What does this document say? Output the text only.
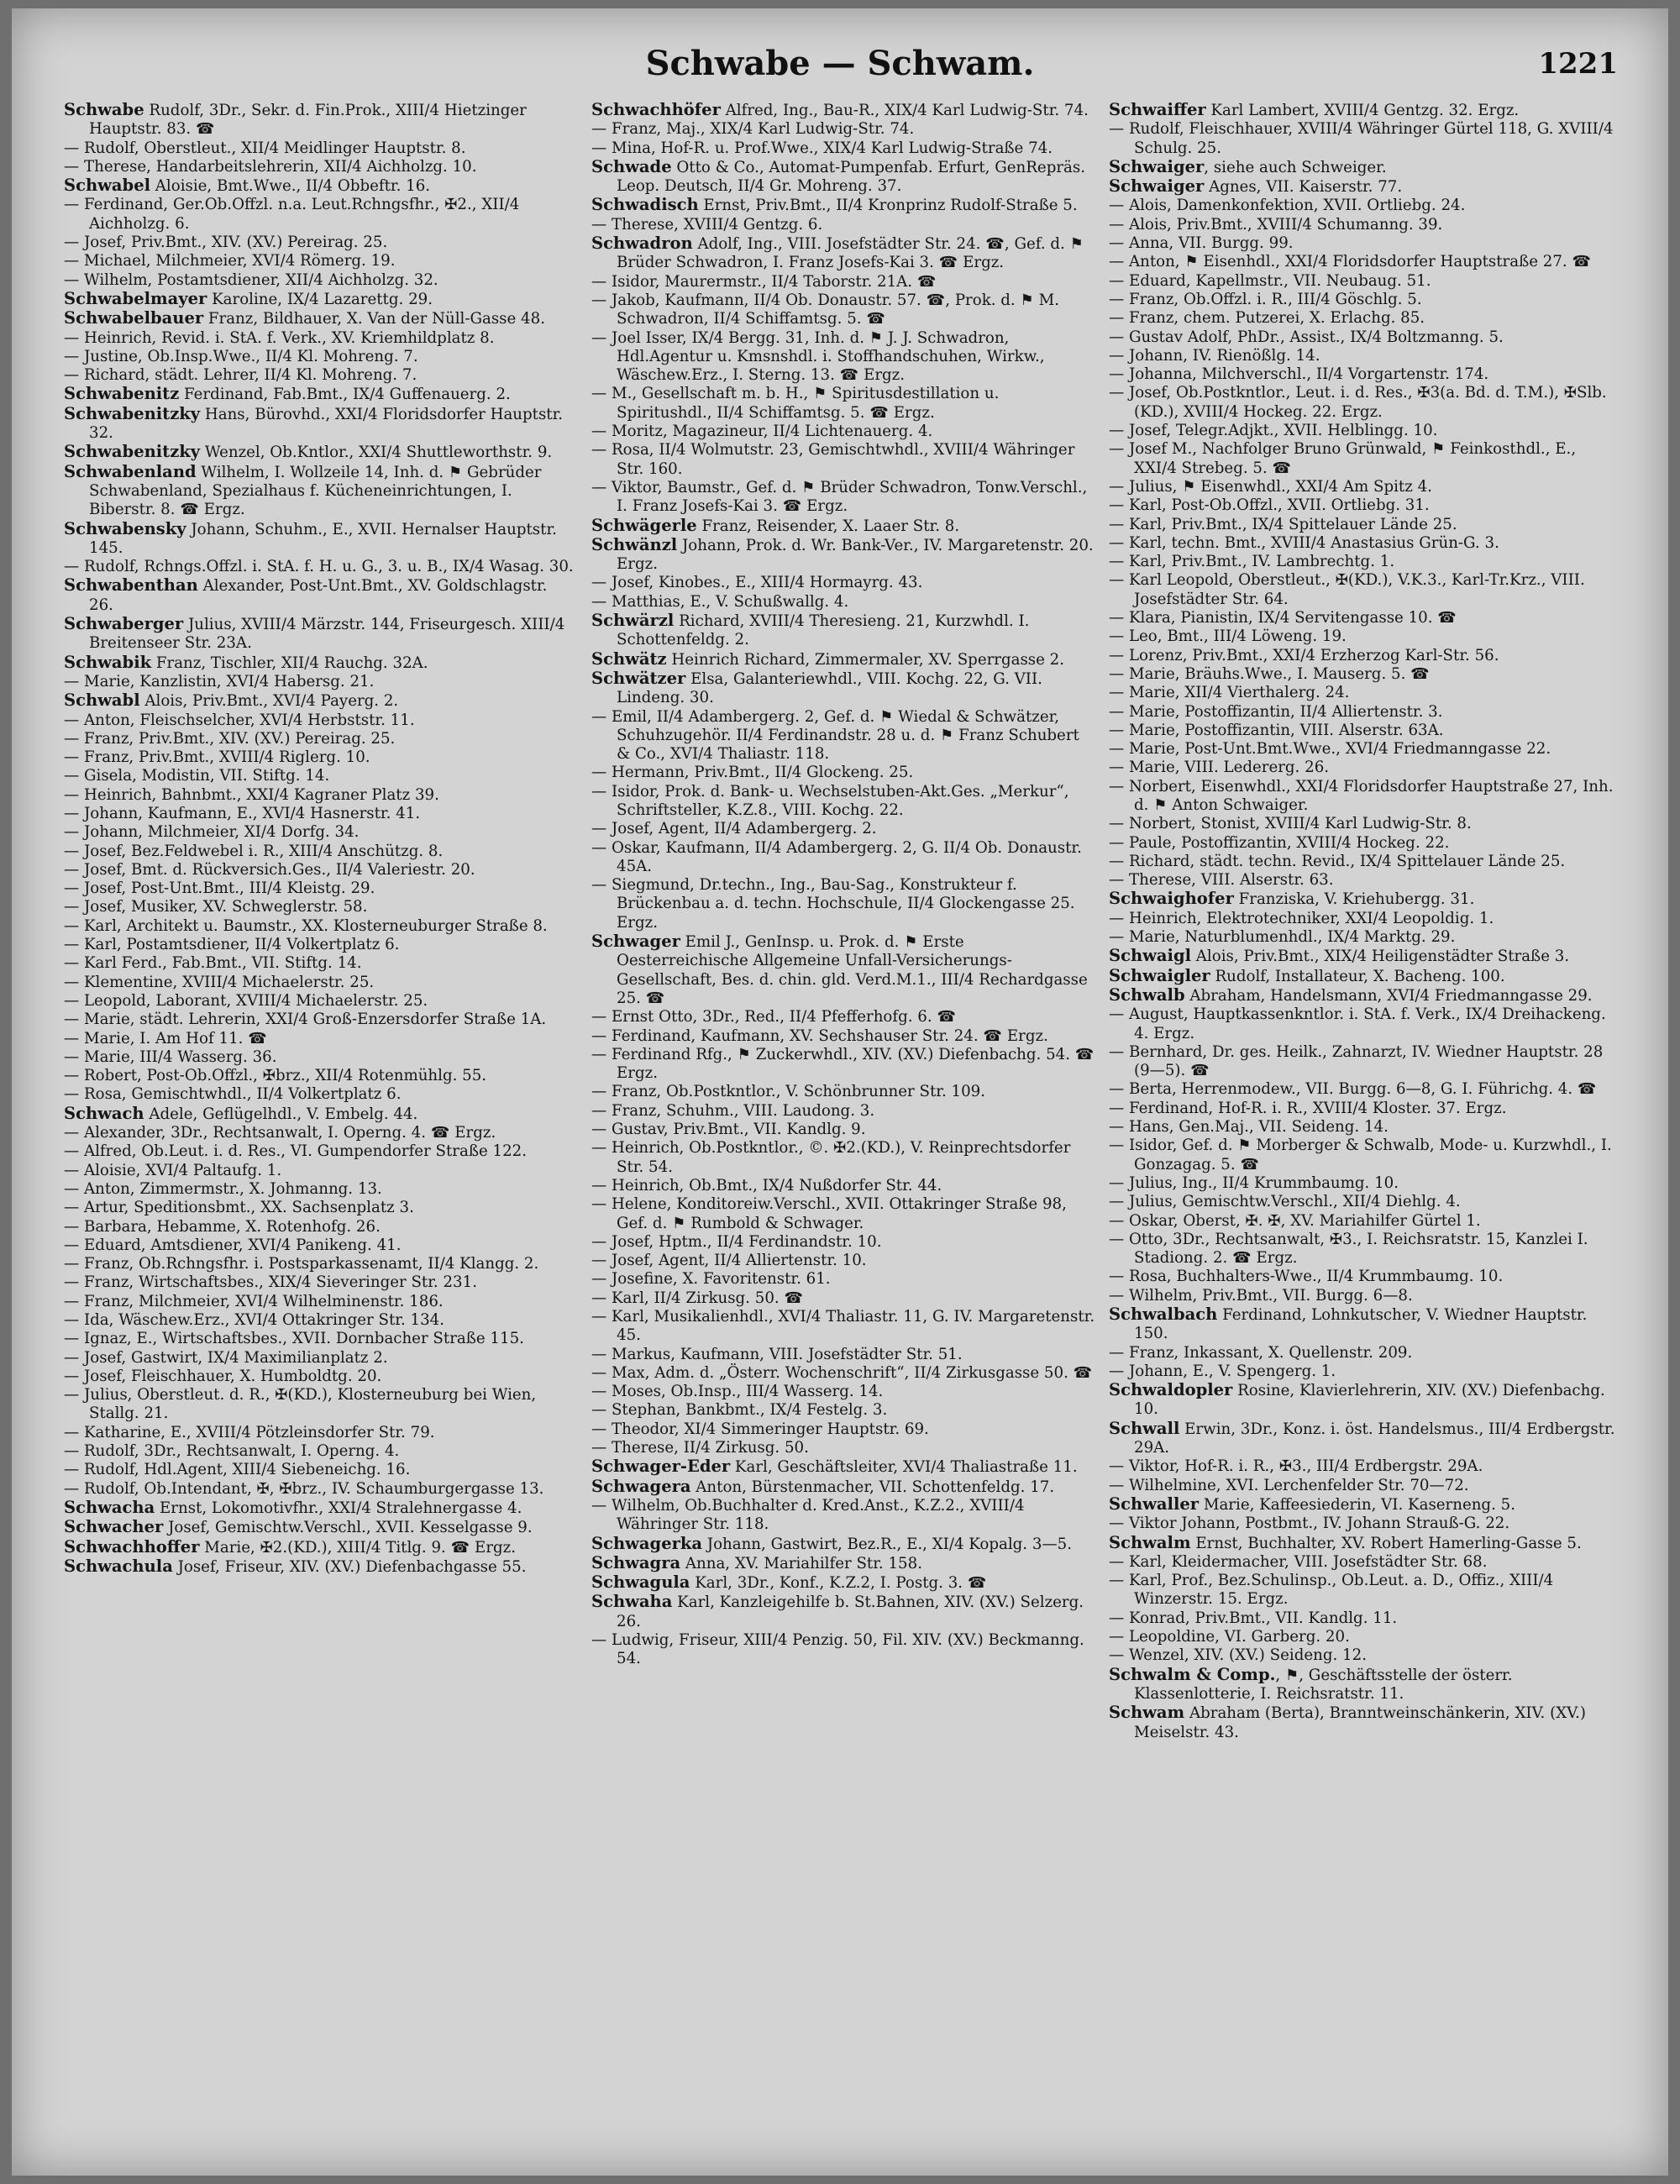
Schwabe — Schwam.	1221

Schwabe Rudolf, 3Dr., Sekr. d. Fin.Prok., XIII/4 Hietzinger Hauptstr. 83. ☎

— Rudolf, Oberstleut., XII/4 Meidlinger Hauptstr. 8.

— Therese, Handarbeitslehrerin, XII/4 Aichholzg. 10.

Schwabel Aloisie, Bmt.Wwe., II/4 Obbeftr. 16.

— Ferdinand, Ger.Ob.Offzl. n.a. Leut.Rchngsfhr., ✠2., XII/4 Aichholzg. 6.

— Josef, Priv.Bmt., XIV. (XV.) Pereirag. 25.

— Michael, Milchmeier, XVI/4 Römerg. 19.

— Wilhelm, Postamtsdiener, XII/4 Aichholzg. 32.

Schwabelmayer Karoline, IX/4 Lazarettg. 29.

Schwabelbauer Franz, Bildhauer, X. Van der Nüll-Gasse 48.

— Heinrich, Revid. i. StA. f. Verk., XV. Kriemhildplatz 8.

— Justine, Ob.Insp.Wwe., II/4 Kl. Mohreng. 7.

— Richard, städt. Lehrer, II/4 Kl. Mohreng. 7.

Schwabenitz Ferdinand, Fab.Bmt., IX/4 Guffenauerg. 2.

Schwabenitzky Hans, Bürovhd., XXI/4 Floridsdorfer Hauptstr. 32.

Schwabenitzky Wenzel, Ob.Kntlor., XXI/4 Shuttleworthstr. 9.

Schwabenland Wilhelm, I. Wollzeile 14, Inh. d. ⚑ Gebrüder Schwabenland, Spezialhaus f. Kücheneinrichtungen, I. Biberstr. 8. ☎ Ergz.

Schwabensky Johann, Schuhm., E., XVII. Hernalser Hauptstr. 145.

— Rudolf, Rchngs.Offzl. i. StA. f. H. u. G., 3. u. B., IX/4 Wasag. 30.

Schwabenthan Alexander, Post-Unt.Bmt., XV. Goldschlagstr. 26.

Schwaberger Julius, XVIII/4 Märzstr. 144, Friseurgesch. XIII/4 Breitenseer Str. 23A.

Schwabik Franz, Tischler, XII/4 Rauchg. 32A.

— Marie, Kanzlistin, XVI/4 Habersg. 21.

Schwabl Alois, Priv.Bmt., XVI/4 Payerg. 2.

— Anton, Fleischselcher, XVI/4 Herbststr. 11.

— Franz, Priv.Bmt., XIV. (XV.) Pereirag. 25.

— Franz, Priv.Bmt., XVIII/4 Riglerg. 10.

— Gisela, Modistin, VII. Stiftg. 14.

— Heinrich, Bahnbmt., XXI/4 Kagraner Platz 39.

— Johann, Kaufmann, E., XVI/4 Hasnerstr. 41.

— Johann, Milchmeier, XI/4 Dorfg. 34.

— Josef, Bez.Feldwebel i. R., XIII/4 Anschützg. 8.

— Josef, Bmt. d. Rückversich.Ges., II/4 Valeriestr. 20.

— Josef, Post-Unt.Bmt., III/4 Kleistg. 29.

— Josef, Musiker, XV. Schweglerstr. 58.

— Karl, Architekt u. Baumstr., XX. Klosterneuburger Straße 8.

— Karl, Postamtsdiener, II/4 Volkertplatz 6.

— Karl Ferd., Fab.Bmt., VII. Stiftg. 14.

— Klementine, XVIII/4 Michaelerstr. 25.

— Leopold, Laborant, XVIII/4 Michaelerstr. 25.

— Marie, städt. Lehrerin, XXI/4 Groß-Enzersdorfer Straße 1A.

— Marie, I. Am Hof 11. ☎

— Marie, III/4 Wasserg. 36.

— Robert, Post-Ob.Offzl., ✠brz., XII/4 Rotenmühlg. 55.

— Rosa, Gemischtwhdl., II/4 Volkertplatz 6.

Schwach Adele, Geflügelhdl., V. Embelg. 44.

— Alexander, 3Dr., Rechtsanwalt, I. Operng. 4. ☎ Ergz.

— Alfred, Ob.Leut. i. d. Res., VI. Gumpendorfer Straße 122.

— Aloisie, XVI/4 Paltaufg. 1.

— Anton, Zimmermstr., X. Johmanng. 13.

— Artur, Speditionsbmt., XX. Sachsenplatz 3.

— Barbara, Hebamme, X. Rotenhofg. 26.

— Eduard, Amtsdiener, XVI/4 Panikeng. 41.

— Franz, Ob.Rchngsfhr. i. Postsparkassenamt, II/4 Klangg. 2.

— Franz, Wirtschaftsbes., XIX/4 Sieveringer Str. 231.

— Franz, Milchmeier, XVI/4 Wilhelminenstr. 186.

— Ida, Wäschew.Erz., XVI/4 Ottakringer Str. 134.

— Ignaz, E., Wirtschaftsbes., XVII. Dornbacher Straße 115.

— Josef, Gastwirt, IX/4 Maximilianplatz 2.

— Josef, Fleischhauer, X. Humboldtg. 20.

— Julius, Oberstleut. d. R., ✠(KD.), Klosterneuburg bei Wien, Stallg. 21.

— Katharine, E., XVIII/4 Pötzleinsdorfer Str. 79.

— Rudolf, 3Dr., Rechtsanwalt, I. Operng. 4.

— Rudolf, Hdl.Agent, XIII/4 Siebeneichg. 16.

— Rudolf, Ob.Intendant, ✠, ✠brz., IV. Schaumburgergasse 13.

Schwacha Ernst, Lokomotivfhr., XXI/4 Stralehnergasse 4.

Schwacher Josef, Gemischtw.Verschl., XVII. Kesselgasse 9.

Schwachhoffer Marie, ✠2.(KD.), XIII/4 Titlg. 9. ☎ Ergz.

Schwachula Josef, Friseur, XIV. (XV.) Diefenbachgasse 55.

Schwachhöfer Alfred, Ing., Bau-R., XIX/4 Karl Ludwig-Str. 74.

— Franz, Maj., XIX/4 Karl Ludwig-Str. 74.

— Mina, Hof-R. u. Prof.Wwe., XIX/4 Karl Ludwig-Straße 74.

Schwade Otto & Co., Automat-Pumpenfab. Erfurt, GenRepräs. Leop. Deutsch, II/4 Gr. Mohreng. 37.

Schwadisch Ernst, Priv.Bmt., II/4 Kronprinz Rudolf-Straße 5.

— Therese, XVIII/4 Gentzg. 6.

Schwadron Adolf, Ing., VIII. Josefstädter Str. 24. ☎, Gef. d. ⚑ Brüder Schwadron, I. Franz Josefs-Kai 3. ☎ Ergz.

— Isidor, Maurermstr., II/4 Taborstr. 21A. ☎

— Jakob, Kaufmann, II/4 Ob. Donaustr. 57. ☎, Prok. d. ⚑ M. Schwadron, II/4 Schiffamtsg. 5. ☎

— Joel Isser, IX/4 Bergg. 31, Inh. d. ⚑ J. J. Schwadron, Hdl.Agentur u. Kmsnshdl. i. Stoffhandschuhen, Wirkw., Wäschew.Erz., I. Sterng. 13. ☎ Ergz.

— M., Gesellschaft m. b. H., ⚑ Spiritusdestillation u. Spiritushdl., II/4 Schiffamtsg. 5. ☎ Ergz.

— Moritz, Magazineur, II/4 Lichtenauerg. 4.

— Rosa, II/4 Wolmutstr. 23, Gemischtwhdl., XVIII/4 Währinger Str. 160.

— Viktor, Baumstr., Gef. d. ⚑ Brüder Schwadron, Tonw.Verschl., I. Franz Josefs-Kai 3. ☎ Ergz.

Schwägerle Franz, Reisender, X. Laaer Str. 8.

Schwänzl Johann, Prok. d. Wr. Bank-Ver., IV. Margaretenstr. 20. Ergz.

— Josef, Kinobes., E., XIII/4 Hormayrg. 43.

— Matthias, E., V. Schußwallg. 4.

Schwärzl Richard, XVIII/4 Theresieng. 21, Kurzwhdl. I. Schottenfeldg. 2.

Schwätz Heinrich Richard, Zimmermaler, XV. Sperrgasse 2.

Schwätzer Elsa, Galanteriewhdl., VIII. Kochg. 22, G. VII. Lindeng. 30.

— Emil, II/4 Adambergerg. 2, Gef. d. ⚑ Wiedal & Schwätzer, Schuhzugehör. II/4 Ferdinandstr. 28 u. d. ⚑ Franz Schubert & Co., XVI/4 Thaliastr. 118.

— Hermann, Priv.Bmt., II/4 Glockeng. 25.

— Isidor, Prok. d. Bank- u. Wechselstuben-Akt.Ges. „Merkur“, Schriftsteller, K.Z.8., VIII. Kochg. 22.

— Josef, Agent, II/4 Adambergerg. 2.

— Oskar, Kaufmann, II/4 Adambergerg. 2, G. II/4 Ob. Donaustr. 45A.

— Siegmund, Dr.techn., Ing., Bau-Sag., Konstrukteur f. Brückenbau a. d. techn. Hochschule, II/4 Glockengasse 25. Ergz.

Schwager Emil J., GenInsp. u. Prok. d. ⚑ Erste Oesterreichische Allgemeine Unfall-Versicherungs-Gesellschaft, Bes. d. chin. gld. Verd.M.1., III/4 Rechardgasse 25. ☎

— Ernst Otto, 3Dr., Red., II/4 Pfefferhofg. 6. ☎

— Ferdinand, Kaufmann, XV. Sechshauser Str. 24. ☎ Ergz.

— Ferdinand Rfg., ⚑ Zuckerwhdl., XIV. (XV.) Diefenbachg. 54. ☎ Ergz.

— Franz, Ob.Postkntlor., V. Schönbrunner Str. 109.

— Franz, Schuhm., VIII. Laudong. 3.

— Gustav, Priv.Bmt., VII. Kandlg. 9.

— Heinrich, Ob.Postkntlor., ©. ✠2.(KD.), V. Reinprechtsdorfer Str. 54.

— Heinrich, Ob.Bmt., IX/4 Nußdorfer Str. 44.

— Helene, Konditoreiw.Verschl., XVII. Ottakringer Straße 98, Gef. d. ⚑ Rumbold & Schwager.

— Josef, Hptm., II/4 Ferdinandstr. 10.

— Josef, Agent, II/4 Alliertenstr. 10.

— Josefine, X. Favoritenstr. 61.

— Karl, II/4 Zirkusg. 50. ☎

— Karl, Musikalienhdl., XVI/4 Thaliastr. 11, G. IV. Margaretenstr. 45.

— Markus, Kaufmann, VIII. Josefstädter Str. 51.

— Max, Adm. d. „Österr. Wochenschrift“, II/4 Zirkusgasse 50. ☎

— Moses, Ob.Insp., III/4 Wasserg. 14.

— Stephan, Bankbmt., IX/4 Festelg. 3.

— Theodor, XI/4 Simmeringer Hauptstr. 69.

— Therese, II/4 Zirkusg. 50.

Schwager-Eder Karl, Geschäftsleiter, XVI/4 Thaliastraße 11.

Schwagera Anton, Bürstenmacher, VII. Schottenfeldg. 17.

— Wilhelm, Ob.Buchhalter d. Kred.Anst., K.Z.2., XVIII/4 Währinger Str. 118.

Schwagerka Johann, Gastwirt, Bez.R., E., XI/4 Kopalg. 3—5.

Schwagra Anna, XV. Mariahilfer Str. 158.

Schwagula Karl, 3Dr., Konf., K.Z.2, I. Postg. 3. ☎

Schwaha Karl, Kanzleigehilfe b. St.Bahnen, XIV. (XV.) Selzerg. 26.

— Ludwig, Friseur, XIII/4 Penzig. 50, Fil. XIV. (XV.) Beckmanng. 54.

Schwaiffer Karl Lambert, XVIII/4 Gentzg. 32. Ergz.

— Rudolf, Fleischhauer, XVIII/4 Währinger Gürtel 118, G. XVIII/4 Schulg. 25.

Schwaiger, siehe auch Schweiger.

Schwaiger Agnes, VII. Kaiserstr. 77.

— Alois, Damenkonfektion, XVII. Ortliebg. 24.

— Alois, Priv.Bmt., XVIII/4 Schumanng. 39.

— Anna, VII. Burgg. 99.

— Anton, ⚑ Eisenhdl., XXI/4 Floridsdorfer Hauptstraße 27. ☎

— Eduard, Kapellmstr., VII. Neubaug. 51.

— Franz, Ob.Offzl. i. R., III/4 Göschlg. 5.

— Franz, chem. Putzerei, X. Erlachg. 85.

— Gustav Adolf, PhDr., Assist., IX/4 Boltzmanng. 5.

— Johann, IV. Rienößlg. 14.

— Johanna, Milchverschl., II/4 Vorgartenstr. 174.

— Josef, Ob.Postkntlor., Leut. i. d. Res., ✠3(a. Bd. d. T.M.), ✠Slb.(KD.), XVIII/4 Hockeg. 22. Ergz.

— Josef, Telegr.Adjkt., XVII. Helblingg. 10.

— Josef M., Nachfolger Bruno Grünwald, ⚑ Feinkosthdl., E., XXI/4 Strebeg. 5. ☎

— Julius, ⚑ Eisenwhdl., XXI/4 Am Spitz 4.

— Karl, Post-Ob.Offzl., XVII. Ortliebg. 31.

— Karl, Priv.Bmt., IX/4 Spittelauer Lände 25.

— Karl, techn. Bmt., XVIII/4 Anastasius Grün-G. 3.

— Karl, Priv.Bmt., IV. Lambrechtg. 1.

— Karl Leopold, Oberstleut., ✠(KD.), V.K.3., Karl-Tr.Krz., VIII. Josefstädter Str. 64.

— Klara, Pianistin, IX/4 Servitengasse 10. ☎

— Leo, Bmt., III/4 Löweng. 19.

— Lorenz, Priv.Bmt., XXI/4 Erzherzog Karl-Str. 56.

— Marie, Bräuhs.Wwe., I. Mauserg. 5. ☎

— Marie, XII/4 Vierthalerg. 24.

— Marie, Postoffizantin, II/4 Alliertenstr. 3.

— Marie, Postoffizantin, VIII. Alserstr. 63A.

— Marie, Post-Unt.Bmt.Wwe., XVI/4 Friedmanngasse 22.

— Marie, VIII. Ledererg. 26.

— Norbert, Eisenwhdl., XXI/4 Floridsdorfer Hauptstraße 27, Inh. d. ⚑ Anton Schwaiger.

— Norbert, Stonist, XVIII/4 Karl Ludwig-Str. 8.

— Paule, Postoffizantin, XVIII/4 Hockeg. 22.

— Richard, städt. techn. Revid., IX/4 Spittelauer Lände 25.

— Therese, VIII. Alserstr. 63.

Schwaighofer Franziska, V. Kriehubergg. 31.

— Heinrich, Elektrotechniker, XXI/4 Leopoldig. 1.

— Marie, Naturblumenhdl., IX/4 Marktg. 29.

Schwaigl Alois, Priv.Bmt., XIX/4 Heiligenstädter Straße 3.

Schwaigler Rudolf, Installateur, X. Bacheng. 100.

Schwalb Abraham, Handelsmann, XVI/4 Friedmanngasse 29.

— August, Hauptkassenkntlor. i. StA. f. Verk., IX/4 Dreihackeng. 4. Ergz.

— Bernhard, Dr. ges. Heilk., Zahnarzt, IV. Wiedner Hauptstr. 28 (9—5). ☎

— Berta, Herrenmodew., VII. Burgg. 6—8, G. I. Führichg. 4. ☎

— Ferdinand, Hof-R. i. R., XVIII/4 Kloster. 37. Ergz.

— Hans, Gen.Maj., VII. Seideng. 14.

— Isidor, Gef. d. ⚑ Morberger & Schwalb, Mode- u. Kurzwhdl., I. Gonzagag. 5. ☎

— Julius, Ing., II/4 Krummbaumg. 10.

— Julius, Gemischtw.Verschl., XII/4 Diehlg. 4.

— Oskar, Oberst, ✠. ✠, XV. Mariahilfer Gürtel 1.

— Otto, 3Dr., Rechtsanwalt, ✠3., I. Reichsratstr. 15, Kanzlei I. Stadiong. 2. ☎ Ergz.

— Rosa, Buchhalters-Wwe., II/4 Krummbaumg. 10.

— Wilhelm, Priv.Bmt., VII. Burgg. 6—8.

Schwalbach Ferdinand, Lohnkutscher, V. Wiedner Hauptstr. 150.

— Franz, Inkassant, X. Quellenstr. 209.

— Johann, E., V. Spengerg. 1.

Schwaldopler Rosine, Klavierlehrerin, XIV. (XV.) Diefenbachg. 10.

Schwall Erwin, 3Dr., Konz. i. öst. Handelsmus., III/4 Erdbergstr. 29A.

— Viktor, Hof-R. i. R., ✠3., III/4 Erdbergstr. 29A.

— Wilhelmine, XVI. Lerchenfelder Str. 70—72.

Schwaller Marie, Kaffeesiederin, VI. Kaserneng. 5.

— Viktor Johann, Postbmt., IV. Johann Strauß-G. 22.

Schwalm Ernst, Buchhalter, XV. Robert Hamerling-Gasse 5.

— Karl, Kleidermacher, VIII. Josefstädter Str. 68.

— Karl, Prof., Bez.Schulinsp., Ob.Leut. a. D., Offiz., XIII/4 Winzerstr. 15. Ergz.

— Konrad, Priv.Bmt., VII. Kandlg. 11.

— Leopoldine, VI. Garberg. 20.

— Wenzel, XIV. (XV.) Seideng. 12.

Schwalm & Comp., ⚑, Geschäftsstelle der österr. Klassenlotterie, I. Reichsratstr. 11.

Schwam Abraham (Berta), Branntweinschänkerin, XIV. (XV.) Meiselstr. 43.
